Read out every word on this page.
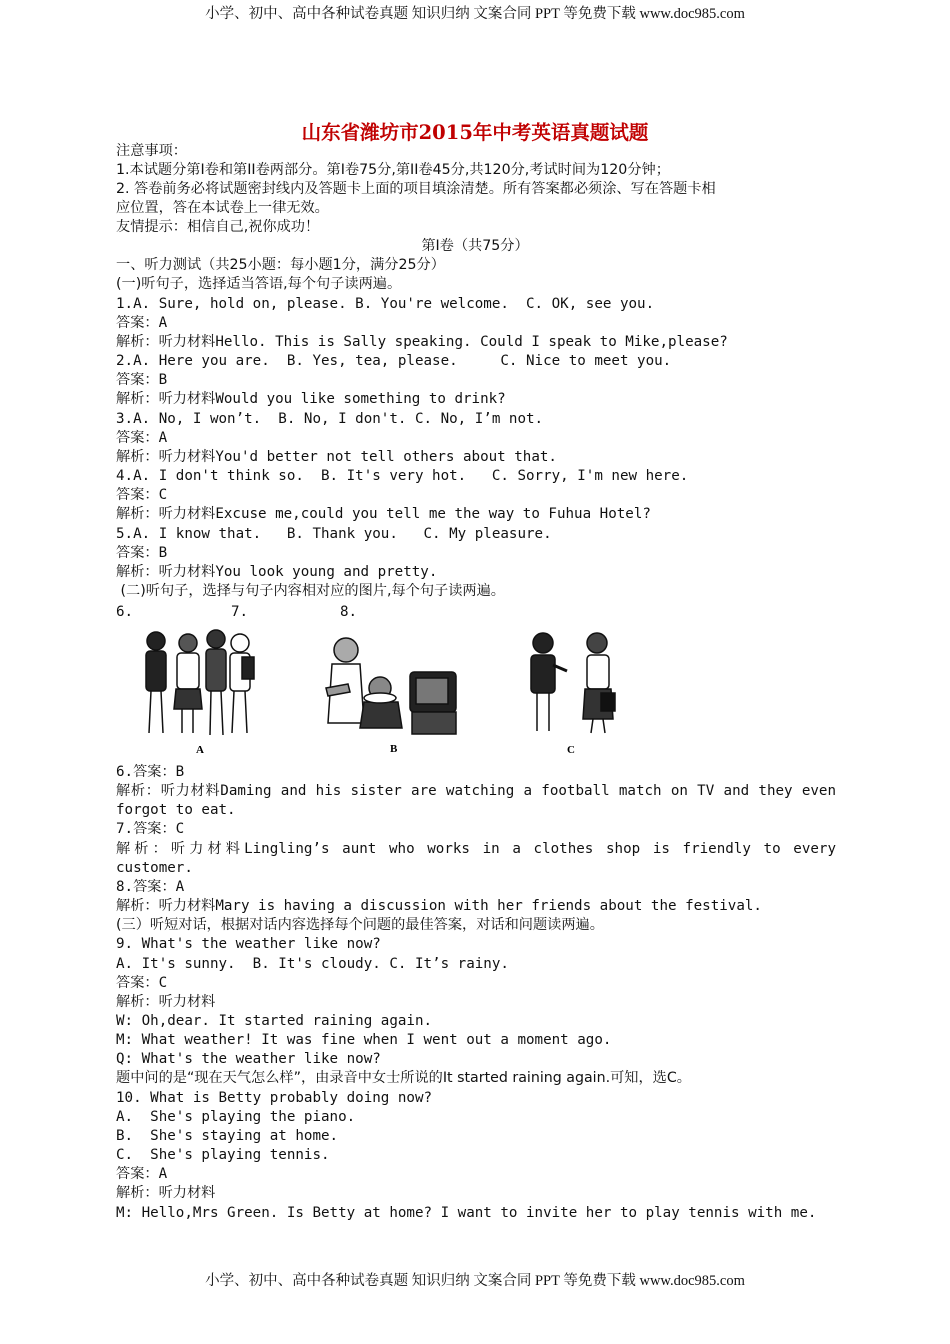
小学、初中、高中各种试卷真题 知识归纳 文案合同 PPT 等免费下载 www.doc985.com
山东省潍坊市2015年中考英语真题试题
注意事项：
1.本试题分第Ⅰ卷和第II卷两部分。第Ⅰ卷75分,第II卷45分,共120分,考试时间为120分钟；
2. 答卷前务必将试题密封线内及答题卡上面的项目填涂清楚。所有答案都必须涂、写在答题卡相
应位置，答在本试卷上一律无效。
友情提示：相信自己,祝你成功！
第Ⅰ卷（共75分）
一、听力测试（共25小题：每小题1分，满分25分）
(一)听句子，选择适当答语,每个句子读两遍。
1.A. Sure, hold on, please. B. You're welcome.  C. OK, see you.
答案：A
解析：听力材料Hello. This is Sally speaking. Could I speak to Mike,please?
2.A. Here you are.  B. Yes, tea, please.     C. Nice to meet you.
答案：B
解析：听力材料Would you like something to drink?
3.A. No, I won’t.  B. No, I don't. C. No, I’m not.
答案：A
解析：听力材料You'd better not tell others about that.
4.A. I don't think so.  B. It's very hot.   C. Sorry, I'm new here.
答案：C
解析：听力材料Excuse me,could you tell me the way to Fuhua Hotel?
5.A. I know that.   B. Thank you.   C. My pleasure.
答案：B
解析：听力材料You look young and pretty.
(二)听句子，选择与句子内容相对应的图片,每个句子读两遍。
6.	7.	8.
A	B	C
6.答案：B
解析：听力材料Daming and his sister are watching a football match on TV and they even forgot to eat.
7.答案：C
解析：听力材料Lingling’s aunt who works in a clothes shop is friendly to every
customer.
8.答案：A
解析：听力材料Mary is having a discussion with her friends about the festival.
(三）听短对话，根据对话内容选择每个问题的最佳答案，对话和问题读两遍。
9. What's the weather like now?
A. It's sunny.  B. It's cloudy. C. It’s rainy.
答案：C
解析：听力材料
W: Oh,dear. It started raining again.
M: What weather! It was fine when I went out a moment ago.
Q: What's the weather like now?
题中问的是“现在天气怎么样”，由录音中女士所说的It started raining again.可知，选C。
10. What is Betty probably doing now?
A.  She's playing the piano.
B.  She's staying at home.
C.  She's playing tennis.
答案：A
解析：听力材料
M: Hello,Mrs Green. Is Betty at home? I want to invite her to play tennis with me.
小学、初中、高中各种试卷真题 知识归纳 文案合同 PPT 等免费下载 www.doc985.com
